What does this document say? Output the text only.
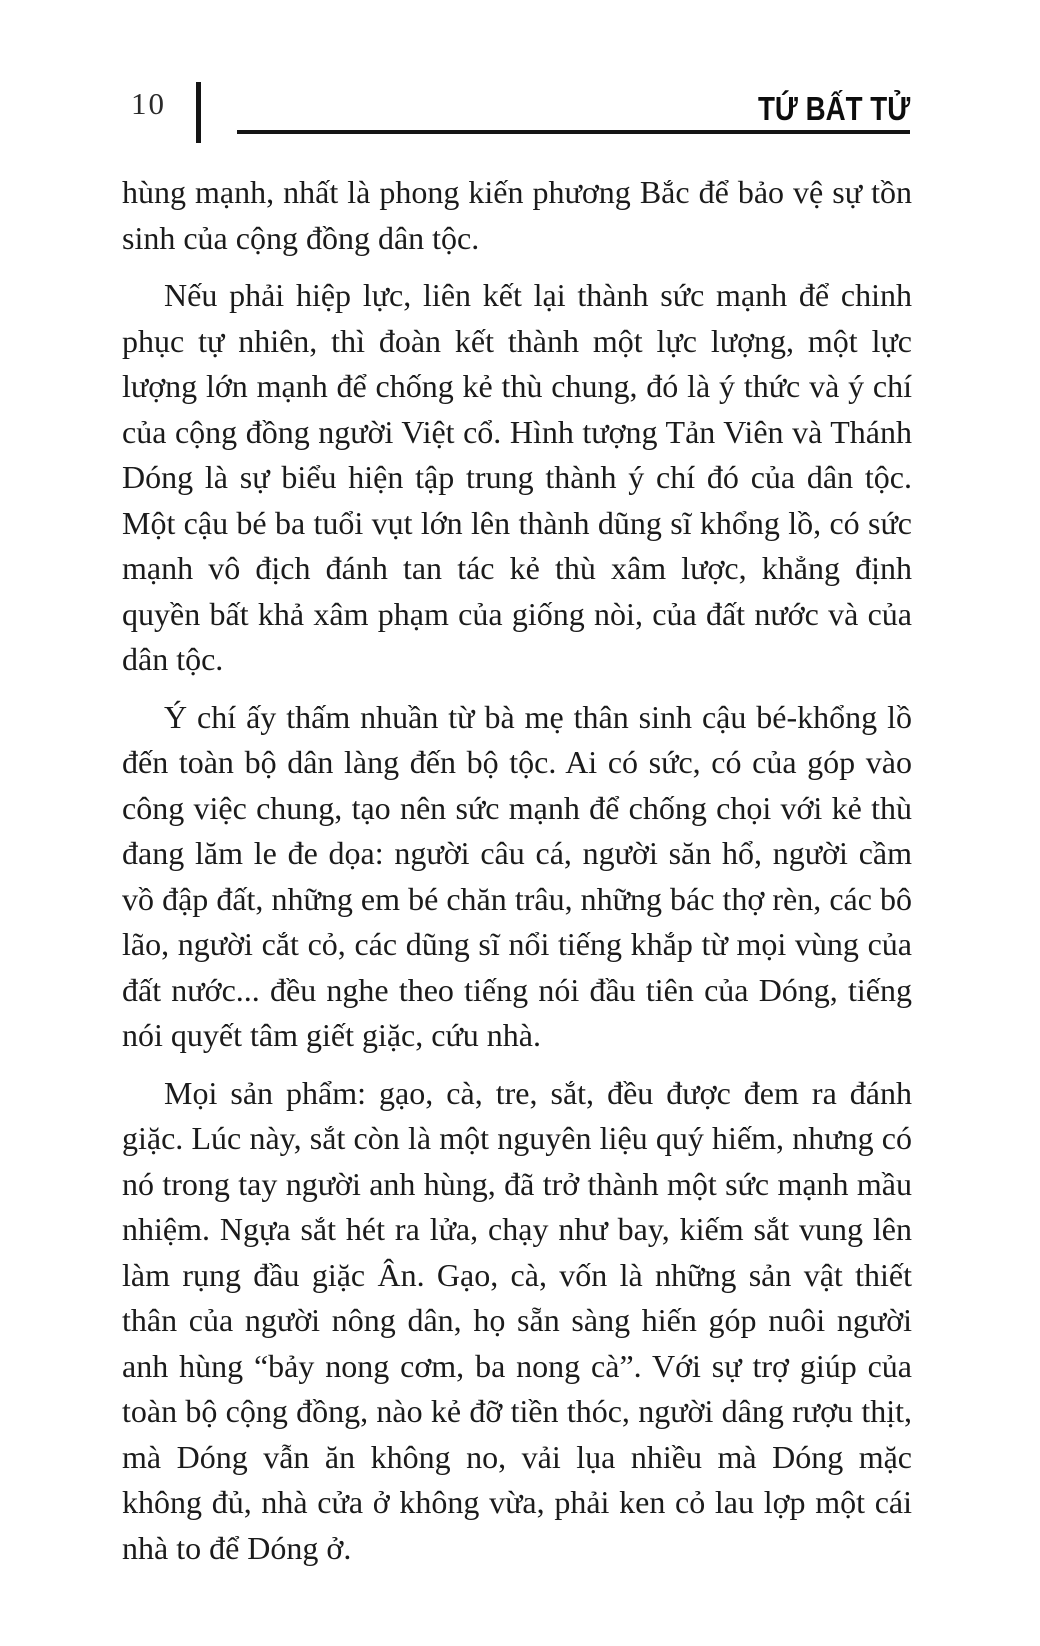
10	TỨ BẤT TỬ

hùng mạnh, nhất là phong kiến phương Bắc để bảo vệ sự tồn sinh của cộng đồng dân tộc.

Nếu phải hiệp lực, liên kết lại thành sức mạnh để chinh phục tự nhiên, thì đoàn kết thành một lực lượng, một lực lượng lớn mạnh để chống kẻ thù chung, đó là ý thức và ý chí của cộng đồng người Việt cổ. Hình tượng Tản Viên và Thánh Dóng là sự biểu hiện tập trung thành ý chí đó của dân tộc. Một cậu bé ba tuổi vụt lớn lên thành dũng sĩ khổng lồ, có sức mạnh vô địch đánh tan tác kẻ thù xâm lược, khẳng định quyền bất khả xâm phạm của giống nòi, của đất nước và của dân tộc.

Ý chí ấy thấm nhuần từ bà mẹ thân sinh cậu bé-khổng lồ đến toàn bộ dân làng đến bộ tộc. Ai có sức, có của góp vào công việc chung, tạo nên sức mạnh để chống chọi với kẻ thù đang lăm le đe dọa: người câu cá, người săn hổ, người cầm vồ đập đất, những em bé chăn trâu, những bác thợ rèn, các bô lão, người cắt cỏ, các dũng sĩ nổi tiếng khắp từ mọi vùng của đất nước... đều nghe theo tiếng nói đầu tiên của Dóng, tiếng nói quyết tâm giết giặc, cứu nhà.

Mọi sản phẩm: gạo, cà, tre, sắt, đều được đem ra đánh giặc. Lúc này, sắt còn là một nguyên liệu quý hiếm, nhưng có nó trong tay người anh hùng, đã trở thành một sức mạnh mầu nhiệm. Ngựa sắt hét ra lửa, chạy như bay, kiếm sắt vung lên làm rụng đầu giặc Ân. Gạo, cà, vốn là những sản vật thiết thân của người nông dân, họ sẵn sàng hiến góp nuôi người anh hùng “bảy nong cơm, ba nong cà”. Với sự trợ giúp của toàn bộ cộng đồng, nào kẻ đỡ tiền thóc, người dâng rượu thịt, mà Dóng vẫn ăn không no, vải lụa nhiều mà Dóng mặc không đủ, nhà cửa ở không vừa, phải ken cỏ lau lợp một cái nhà to để Dóng ở.
